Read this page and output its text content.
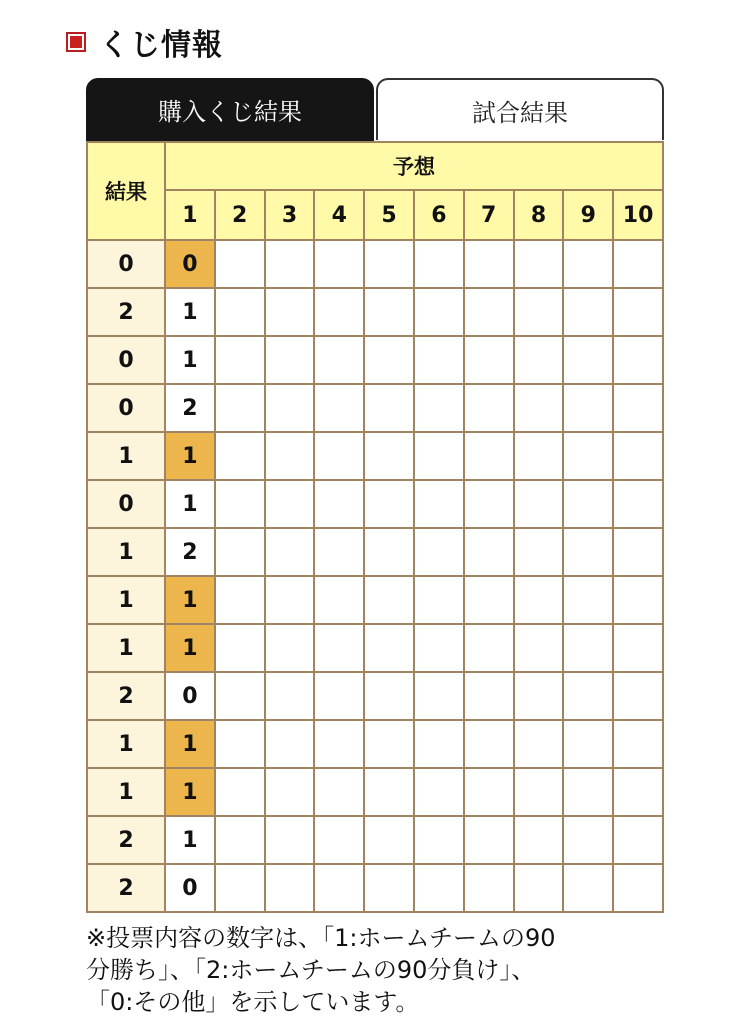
くじ情報
購入くじ結果	試合結果
結果	予想									
	1	2	3	4	5	6	7	8	9	10
0	0									
2	1									
0	1									
0	2									
1	1									
0	1									
1	2									
1	1									
1	1									
2	0									
1	1									
1	1									
2	1									
2	0									
※投票内容の数字は、「1:ホームチームの90
分勝ち」、「2:ホームチームの90分負け」、
「0:その他」を示しています。
